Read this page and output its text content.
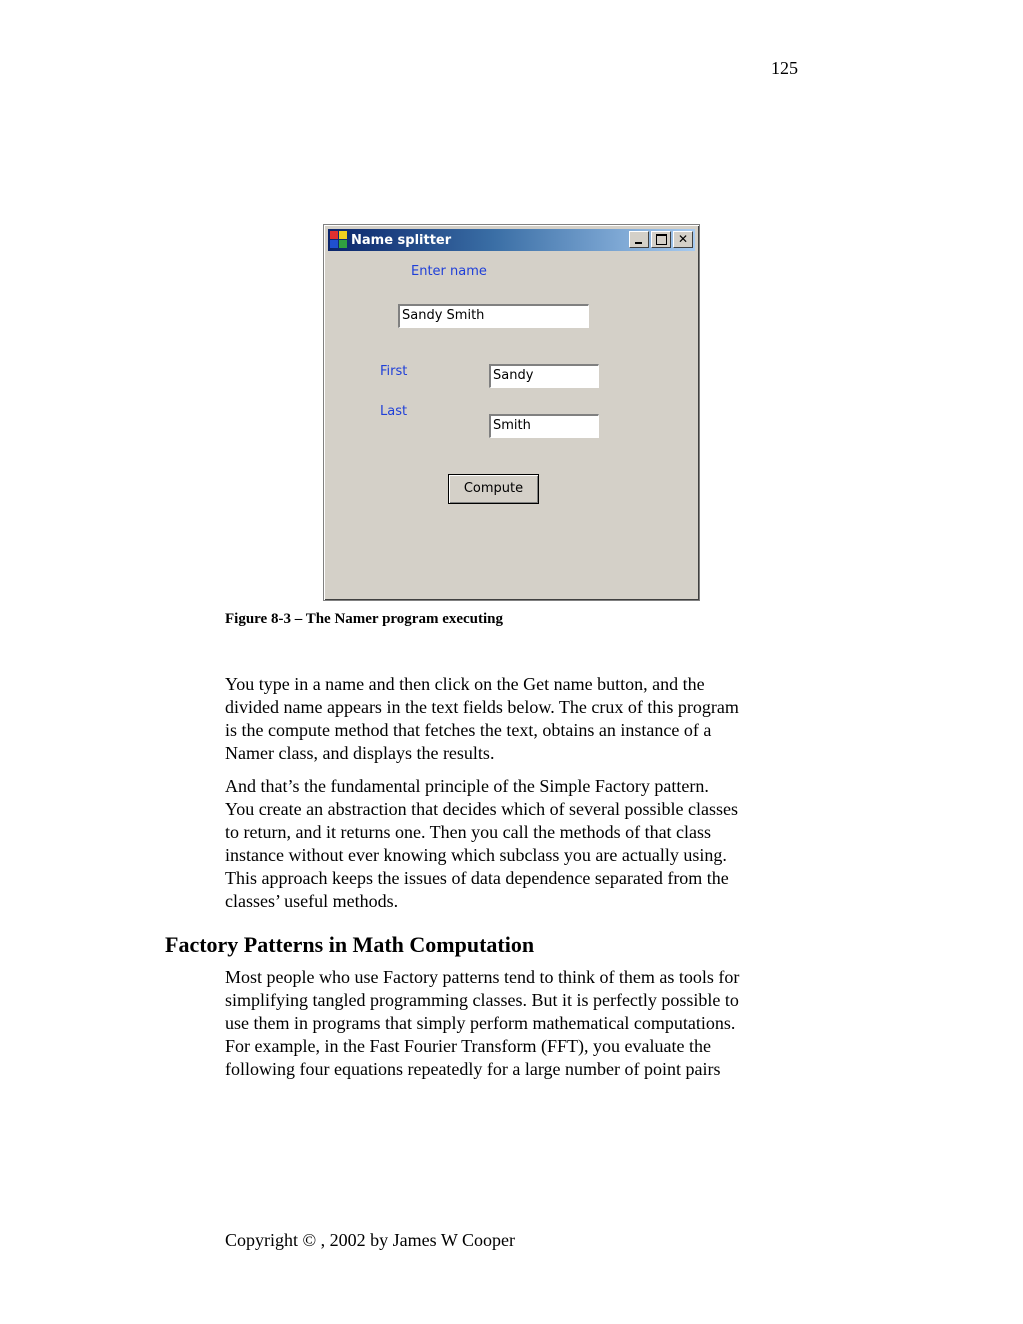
125
Name splitter	✕
Enter name
Sandy Smith
First	Sandy
Last
Smith
Compute
Figure 8-3 – The Namer program executing
You type in a name and then click on the Get name button, and the
divided name appears in the text fields below. The crux of this program
is the compute method that fetches the text, obtains an instance of a
Namer class, and displays the results.
And that’s the fundamental principle of the Simple Factory pattern.
You create an abstraction that decides which of several possible classes
to return, and it returns one. Then you call the methods of that class
instance without ever knowing which subclass you are actually using.
This approach keeps the issues of data dependence separated from the
classes’ useful methods.
Factory Patterns in Math Computation
Most people who use Factory patterns tend to think of them as tools for
simplifying tangled programming classes. But it is perfectly possible to
use them in programs that simply perform mathematical computations.
For example, in the Fast Fourier Transform (FFT), you evaluate the
following four equations repeatedly for a large number of point pairs
Copyright © , 2002 by James W Cooper
